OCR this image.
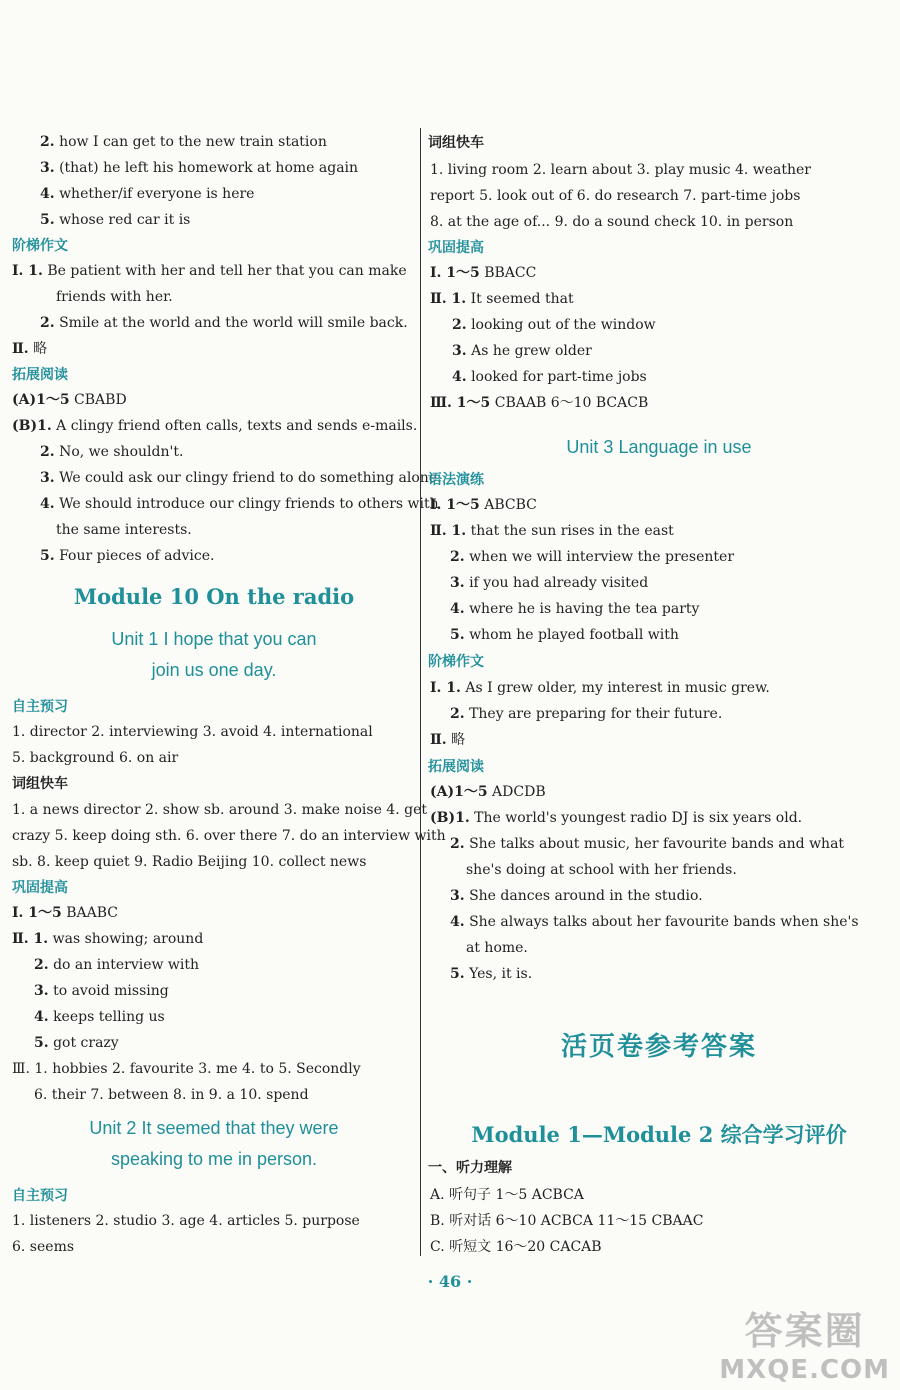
2. how I can get to the new train station
3. (that) he left his homework at home again
4. whether/if everyone is here
5. whose red car it is
阶梯作文
Ⅰ. 1. Be patient with her and tell her that you can make
friends with her.
2. Smile at the world and the world will smile back.
Ⅱ. 略
拓展阅读
(A)1～5 CBABD
(B)1. A clingy friend often calls, texts and sends e-mails.
2. No, we shouldn't.
3. We could ask our clingy friend to do something alone.
4. We should introduce our clingy friends to others with
the same interests.
5. Four pieces of advice.
Module 10 On the radio
Unit 1 I hope that you can
join us one day.
自主预习
1. director 2. interviewing 3. avoid 4. international
5. background 6. on air
词组快车
1. a news director 2. show sb. around 3. make noise 4. get
crazy 5. keep doing sth. 6. over there 7. do an interview with
sb. 8. keep quiet 9. Radio Beijing 10. collect news
巩固提高
Ⅰ. 1～5 BAABC
Ⅱ. 1. was showing; around
2. do an interview with
3. to avoid missing
4. keeps telling us
5. got crazy
Ⅲ. 1. hobbies 2. favourite 3. me 4. to 5. Secondly
6. their 7. between 8. in 9. a 10. spend
Unit 2 It seemed that they were
speaking to me in person.
自主预习
1. listeners 2. studio 3. age 4. articles 5. purpose
6. seems
词组快车
1. living room 2. learn about 3. play music 4. weather
report 5. look out of 6. do research 7. part-time jobs
8. at the age of... 9. do a sound check 10. in person
巩固提高
Ⅰ. 1～5 BBACC
Ⅱ. 1. It seemed that
2. looking out of the window
3. As he grew older
4. looked for part-time jobs
Ⅲ. 1～5 CBAAB 6～10 BCACB
Unit 3 Language in use
语法演练
Ⅰ. 1～5 ABCBC
Ⅱ. 1. that the sun rises in the east
2. when we will interview the presenter
3. if you had already visited
4. where he is having the tea party
5. whom he played football with
阶梯作文
Ⅰ. 1. As I grew older, my interest in music grew.
2. They are preparing for their future.
Ⅱ. 略
拓展阅读
(A)1～5 ADCDB
(B)1. The world's youngest radio DJ is six years old.
2. She talks about music, her favourite bands and what
she's doing at school with her friends.
3. She dances around in the studio.
4. She always talks about her favourite bands when she's
at home.
5. Yes, it is.
活页卷参考答案
Module 1—Module 2 综合学习评价
一、听力理解
A. 听句子 1～5 ACBCA
B. 听对话 6～10 ACBCA 11～15 CBAAC
C. 听短文 16～20 CACAB
· 46 ·
答案圈
MXQE.COM
